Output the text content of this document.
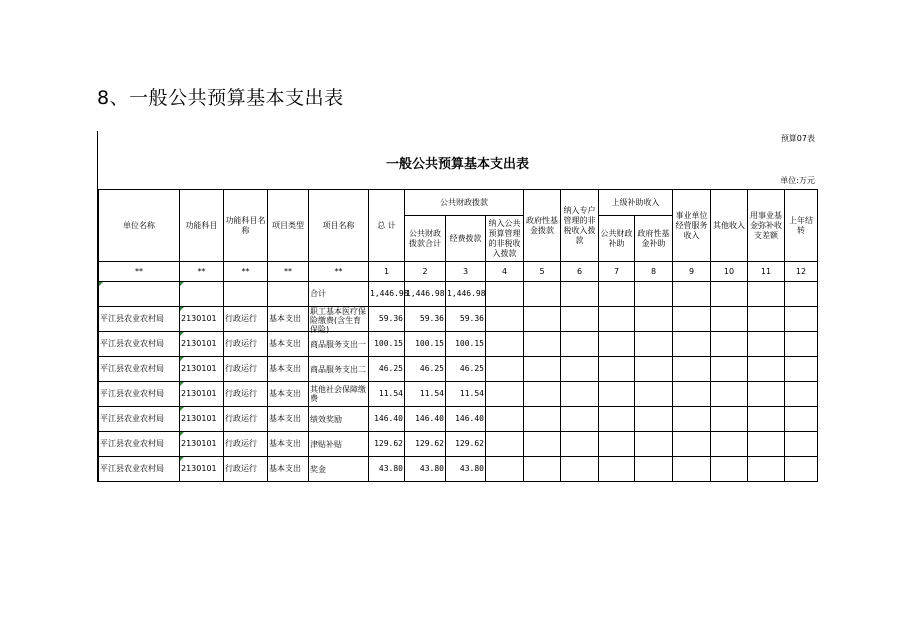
8、一般公共预算基本支出表
预算07表
一般公共预算基本支出表
单位:万元
单位名称	功能科目	功能科目名称	项目类型	项目名称	总 计	公共财政拨款			政府性基金拨款	纳入专户管理的非税收入拨款	上级补助收入		事业单位经营服务收入	其他收入	用事业基金弥补收支差额	上年结转
						公共财政拨款合计	经费拨款	纳入公共预算管理的非税收入拨款			公共财政补助	政府性基金补助				
**	**	**	**	**	1	2	3	4	5	6	7	8	9	10	11	12
				合计	1,446.98	1,446.98	1,446.98									
平江县农业农村局	2130101	行政运行	基本支出	职工基本医疗保险缴费(含生育保险)	59.36	59.36	59.36									
平江县农业农村局	2130101	行政运行	基本支出	商品服务支出一	100.15	100.15	100.15									
平江县农业农村局	2130101	行政运行	基本支出	商品服务支出二	46.25	46.25	46.25									
平江县农业农村局	2130101	行政运行	基本支出	其他社会保障缴费	11.54	11.54	11.54									
平江县农业农村局	2130101	行政运行	基本支出	绩效奖励	146.40	146.40	146.40									
平江县农业农村局	2130101	行政运行	基本支出	津贴补贴	129.62	129.62	129.62									
平江县农业农村局	2130101	行政运行	基本支出	奖金	43.80	43.80	43.80									
